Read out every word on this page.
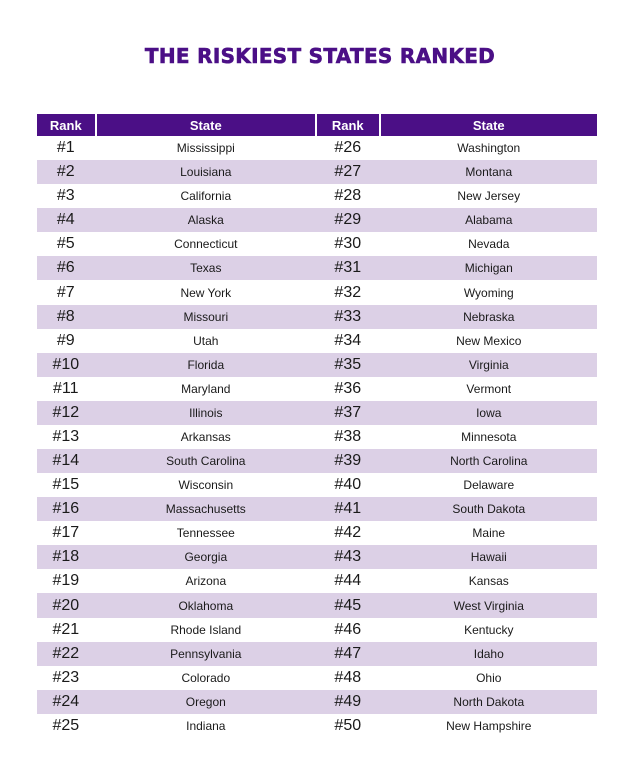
THE RISKIEST STATES RANKED
Rank	State	Rank	State
#1	Mississippi	#26	Washington
#2	Louisiana	#27	Montana
#3	California	#28	New Jersey
#4	Alaska	#29	Alabama
#5	Connecticut	#30	Nevada
#6	Texas	#31	Michigan
#7	New York	#32	Wyoming
#8	Missouri	#33	Nebraska
#9	Utah	#34	New Mexico
#10	Florida	#35	Virginia
#11	Maryland	#36	Vermont
#12	Illinois	#37	Iowa
#13	Arkansas	#38	Minnesota
#14	South Carolina	#39	North Carolina
#15	Wisconsin	#40	Delaware
#16	Massachusetts	#41	South Dakota
#17	Tennessee	#42	Maine
#18	Georgia	#43	Hawaii
#19	Arizona	#44	Kansas
#20	Oklahoma	#45	West Virginia
#21	Rhode Island	#46	Kentucky
#22	Pennsylvania	#47	Idaho
#23	Colorado	#48	Ohio
#24	Oregon	#49	North Dakota
#25	Indiana	#50	New Hampshire
